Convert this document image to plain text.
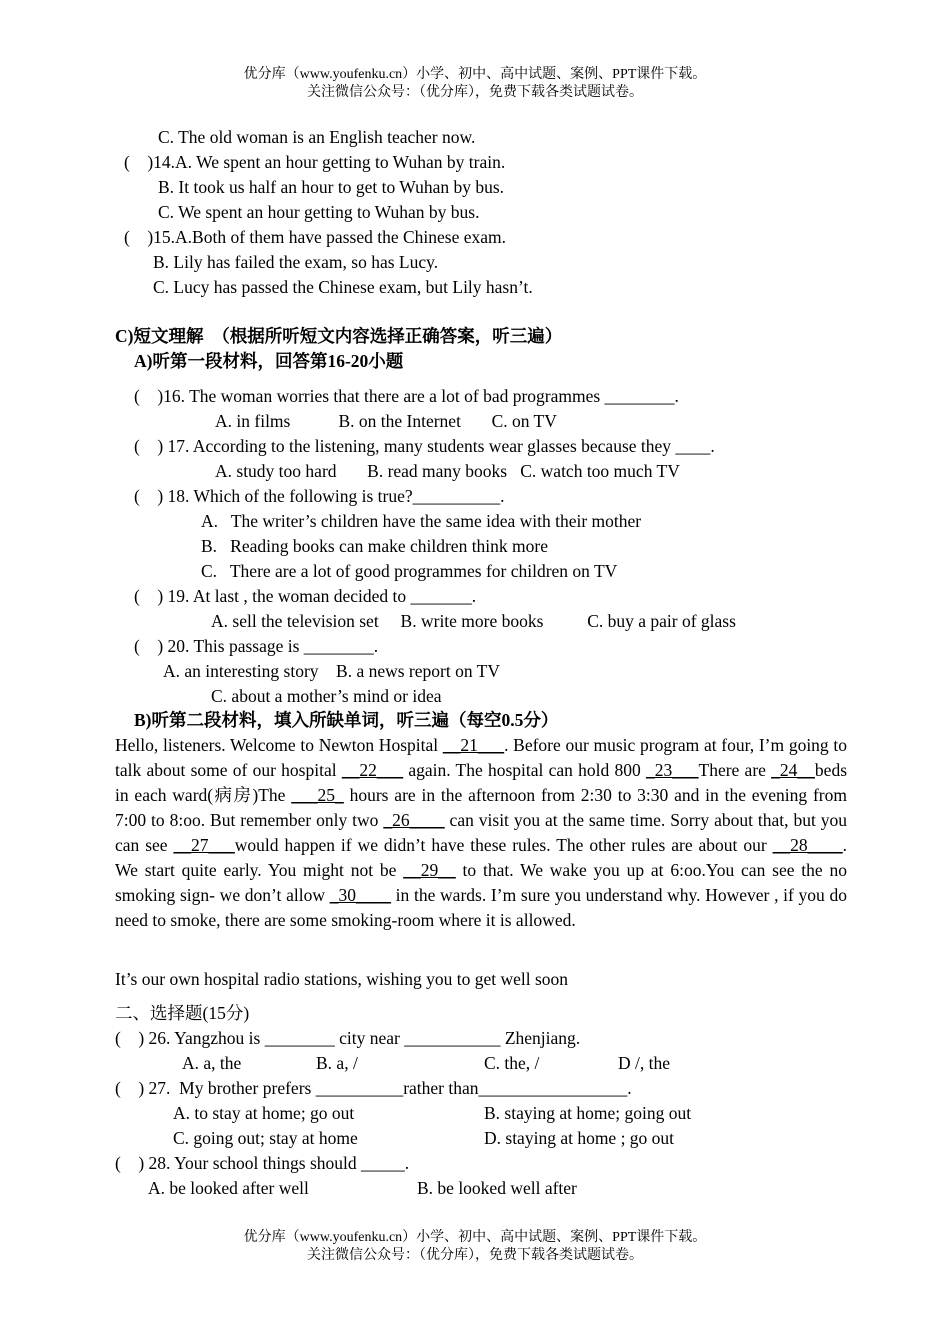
优分库（www.youfenku.cn）小学、初中、高中试题、案例、PPT课件下载。
关注微信公众号：（优分库），免费下载各类试题试卷。
C. The old woman is an English teacher now.
(    )14.A. We spent an hour getting to Wuhan by train.
B. It took us half an hour to get to Wuhan by bus.
C. We spent an hour getting to Wuhan by bus.
(    )15.A.Both of them have passed the Chinese exam.
B. Lily has failed the exam, so has Lucy.
C. Lucy has passed the Chinese exam, but Lily hasn’t.
C)短文理解  （根据所听短文内容选择正确答案，听三遍）
A)听第一段材料，回答第16-20小题
(    )16. The woman worries that there are a lot of bad programmes ________.
A. in films           B. on the Internet       C. on TV
(    ) 17. According to the listening, many students wear glasses because they ____.
A. study too hard       B. read many books   C. watch too much TV
(    ) 18. Which of the following is true?__________.
A.   The writer’s children have the same idea with their mother
B.   Reading books can make children think more
C.   There are a lot of good programmes for children on TV
(    ) 19. At last , the woman decided to _______.
A. sell the television set     B. write more books          C. buy a pair of glass
(    ) 20. This passage is ________.
A. an interesting story    B. a news report on TV
C. about a mother’s mind or idea
B)听第二段材料，填入所缺单词，听三遍（每空0.5分）
Hello, listeners. Welcome to Newton Hospital __21___. Before our music program at four, I’m going to talk about some of our hospital __22___ again. The hospital can hold 800 _23___There are _24__beds in each ward(病房)The ___25_ hours are in the afternoon from 2:30 to 3:30 and in the evening from 7:00 to 8:oo. But remember only two _26____ can visit you at the same time. Sorry about that, but you can see __27___would happen if we didn’t have these rules. The other rules are about our __28____. We start quite early. You might not be __29__ to that. We wake you up at 6:oo.You can see the no smoking sign- we don’t allow _30____ in the wards. I’m sure you understand why. However , if you do need to smoke, there are some smoking-room where it is allowed.
It’s our own hospital radio stations, wishing you to get well soon
二、选择题(15分)
(    ) 26. Yangzhou is ________ city near ___________ Zhenjiang.
A. a, the	B. a, /	C. the, /	D /, the
(    ) 27.  My brother prefers __________rather than_________________.
A. to stay at home; go out	B. staying at home; going out
C. going out; stay at home	D. staying at home ; go out
(    ) 28. Your school things should _____.
A. be looked after well	B. be looked well after
优分库（www.youfenku.cn）小学、初中、高中试题、案例、PPT课件下载。
关注微信公众号：（优分库），免费下载各类试题试卷。
